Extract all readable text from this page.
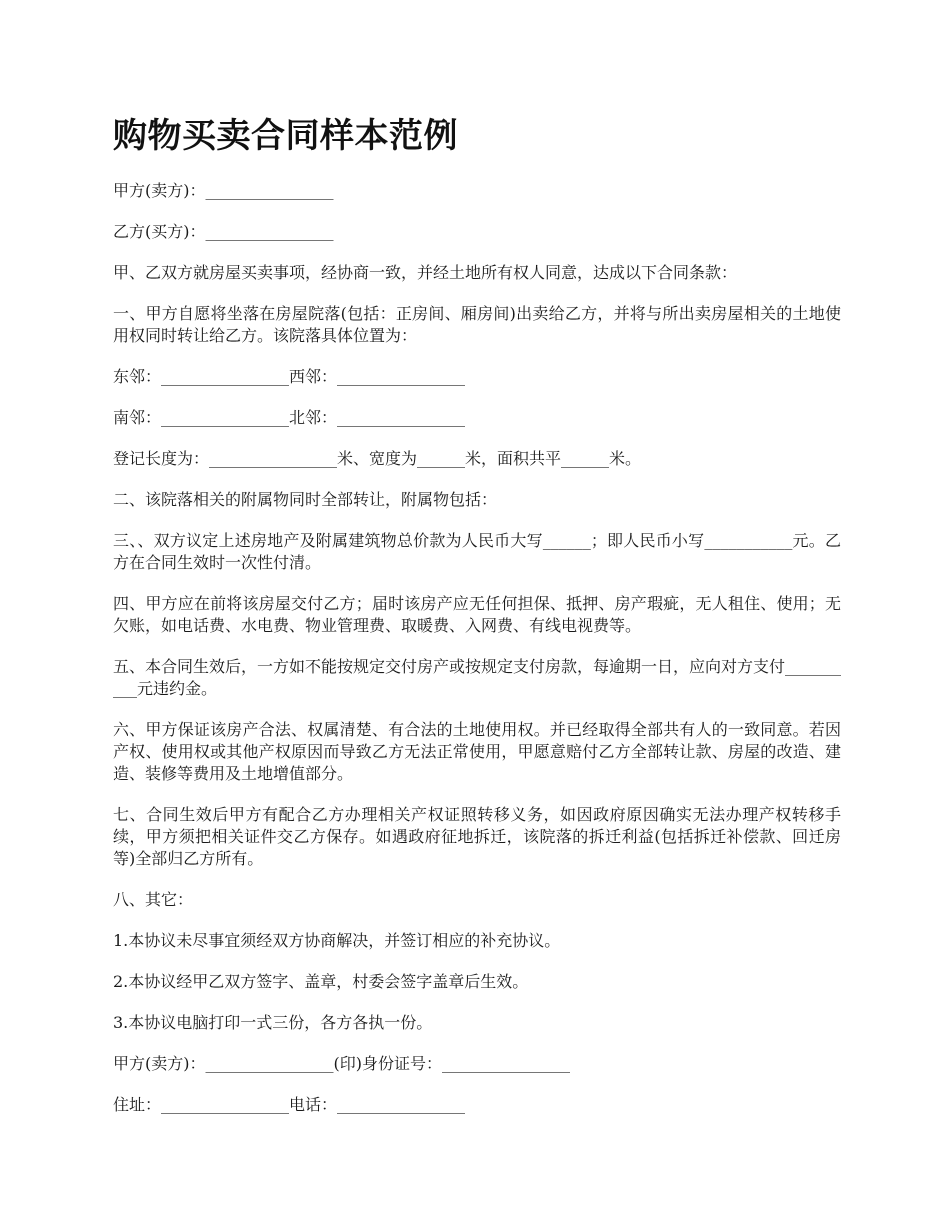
购物买卖合同样本范例

甲方(卖方)：________________

乙方(买方)：________________

甲、乙双方就房屋买卖事项，经协商一致，并经土地所有权人同意，达成以下合同条款：

一、甲方自愿将坐落在房屋院落(包括：正房间、厢房间)出卖给乙方，并将与所出卖房屋相关的土地使用权同时转让给乙方。该院落具体位置为：

东邻：________________西邻：________________

南邻：________________北邻：________________

登记长度为：________________米、宽度为______米，面积共平______米。

二、该院落相关的附属物同时全部转让，附属物包括：

三、、双方议定上述房地产及附属建筑物总价款为人民币大写______；即人民币小写___________元。乙方在合同生效时一次性付清。

四、甲方应在前将该房屋交付乙方；届时该房产应无任何担保、抵押、房产瑕疵，无人租住、使用；无欠账，如电话费、水电费、物业管理费、取暖费、入网费、有线电视费等。

五、本合同生效后，一方如不能按规定交付房产或按规定支付房款，每逾期一日，应向对方支付__________元违约金。

六、甲方保证该房产合法、权属清楚、有合法的土地使用权。并已经取得全部共有人的一致同意。若因产权、使用权或其他产权原因而导致乙方无法正常使用，甲愿意赔付乙方全部转让款、房屋的改造、建造、装修等费用及土地增值部分。

七、合同生效后甲方有配合乙方办理相关产权证照转移义务，如因政府原因确实无法办理产权转移手续，甲方须把相关证件交乙方保存。如遇政府征地拆迁，该院落的拆迁利益(包括拆迁补偿款、回迁房等)全部归乙方所有。

八、其它：

1.本协议未尽事宜须经双方协商解决，并签订相应的补充协议。

2.本协议经甲乙双方签字、盖章，村委会签字盖章后生效。

3.本协议电脑打印一式三份，各方各执一份。

甲方(卖方)：________________(印)身份证号：________________

住址：________________电话：________________
